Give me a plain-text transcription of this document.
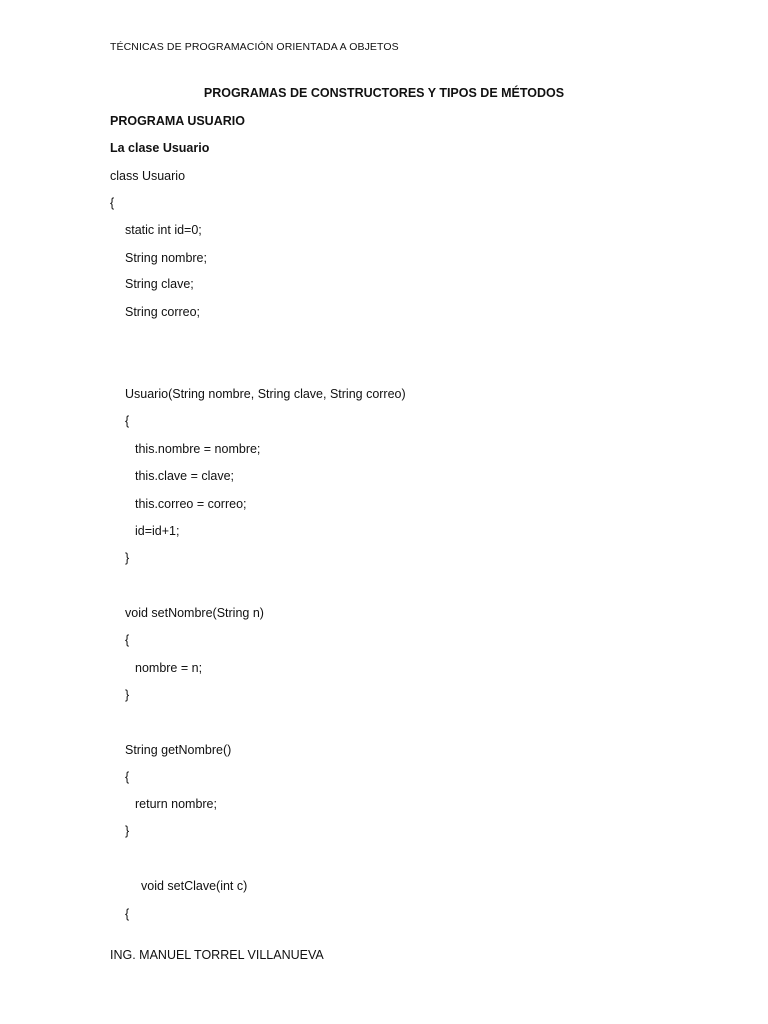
TÉCNICAS DE PROGRAMACIÓN ORIENTADA A OBJETOS
PROGRAMAS DE CONSTRUCTORES Y TIPOS DE MÉTODOS
PROGRAMA USUARIO
La clase Usuario
class Usuario
{
static int id=0;
String nombre;
String clave;
String correo;
Usuario(String nombre, String clave, String correo)
{
this.nombre = nombre;
this.clave = clave;
this.correo = correo;
id=id+1;
}
void setNombre(String n)
{
nombre = n;
}
String getNombre()
{
return nombre;
}
void setClave(int c)
{
ING. MANUEL TORREL VILLANUEVA
